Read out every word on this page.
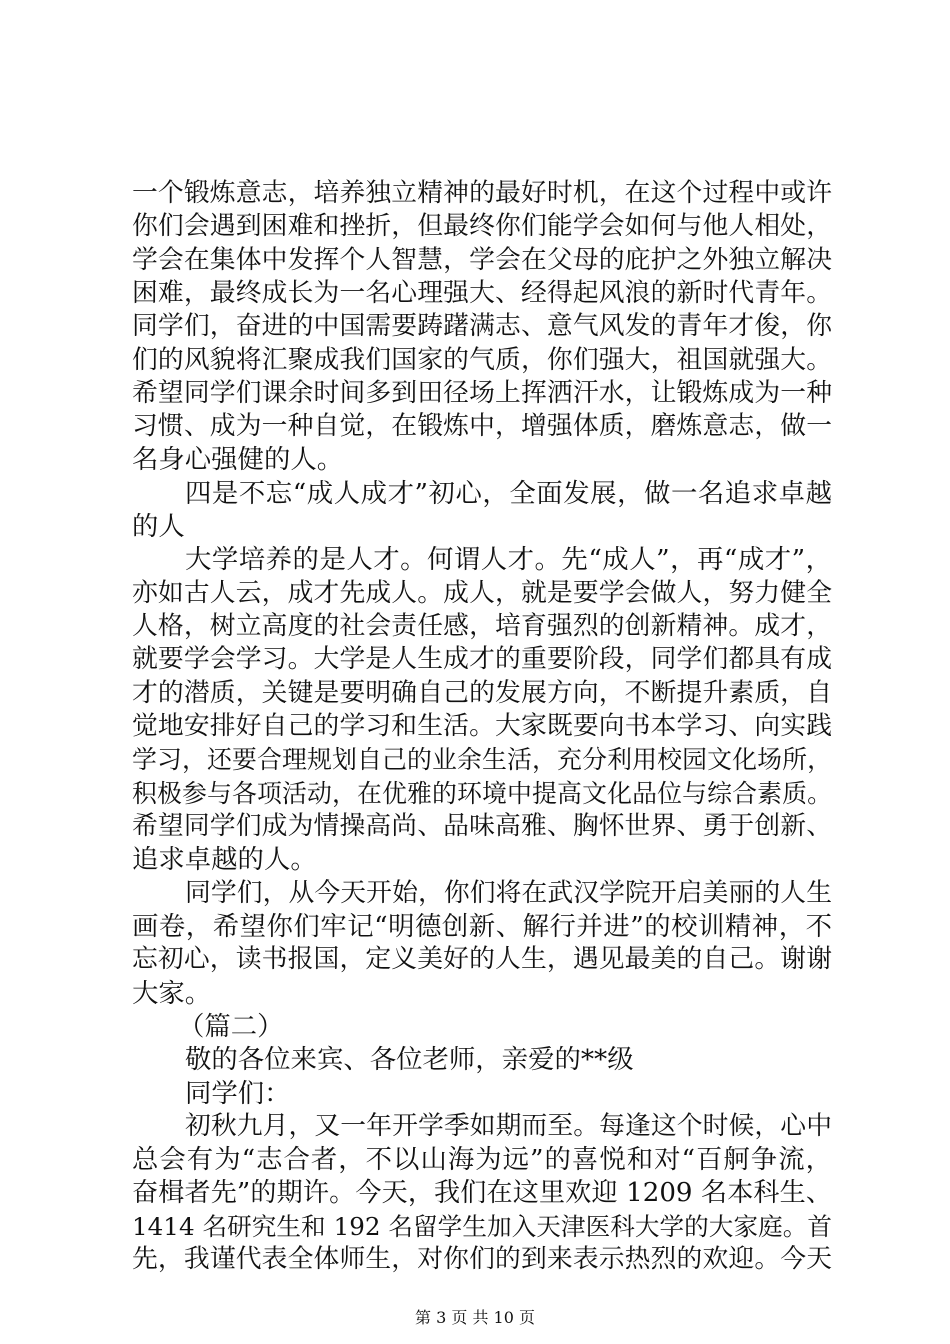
一个锻炼意志，培养独立精神的最好时机，在这个过程中或许
你们会遇到困难和挫折，但最终你们能学会如何与他人相处，
学会在集体中发挥个人智慧，学会在父母的庇护之外独立解决
困难，最终成长为一名心理强大、经得起风浪的新时代青年。
同学们，奋进的中国需要踌躇满志、意气风发的青年才俊，你
们的风貌将汇聚成我们国家的气质，你们强大，祖国就强大。
希望同学们课余时间多到田径场上挥洒汗水，让锻炼成为一种
习惯、成为一种自觉，在锻炼中，增强体质，磨炼意志，做一
名身心强健的人。
四是不忘“成人成才”初心，全面发展，做一名追求卓越
的人
大学培养的是人才。何谓人才。先“成人”，再“成才”，
亦如古人云，成才先成人。成人，就是要学会做人，努力健全
人格，树立高度的社会责任感，培育强烈的创新精神。成才，
就要学会学习。大学是人生成才的重要阶段，同学们都具有成
才的潜质，关键是要明确自己的发展方向，不断提升素质，自
觉地安排好自己的学习和生活。大家既要向书本学习、向实践
学习，还要合理规划自己的业余生活，充分利用校园文化场所，
积极参与各项活动，在优雅的环境中提高文化品位与综合素质。
希望同学们成为情操高尚、品味高雅、胸怀世界、勇于创新、
追求卓越的人。
同学们，从今天开始，你们将在武汉学院开启美丽的人生
画卷，希望你们牢记“明德创新、解行并进”的校训精神，不
忘初心，读书报国，定义美好的人生，遇见最美的自己。谢谢
大家。
（篇二）
敬的各位来宾、各位老师，亲爱的**级
同学们：
初秋九月，又一年开学季如期而至。每逢这个时候，心中
总会有为“志合者，不以山海为远”的喜悦和对“百舸争流，
奋楫者先”的期许。今天，我们在这里欢迎 1209 名本科生、
1414 名研究生和 192 名留学生加入天津医科大学的大家庭。首
先，我谨代表全体师生，对你们的到来表示热烈的欢迎。今天
第 3 页 共 10 页
